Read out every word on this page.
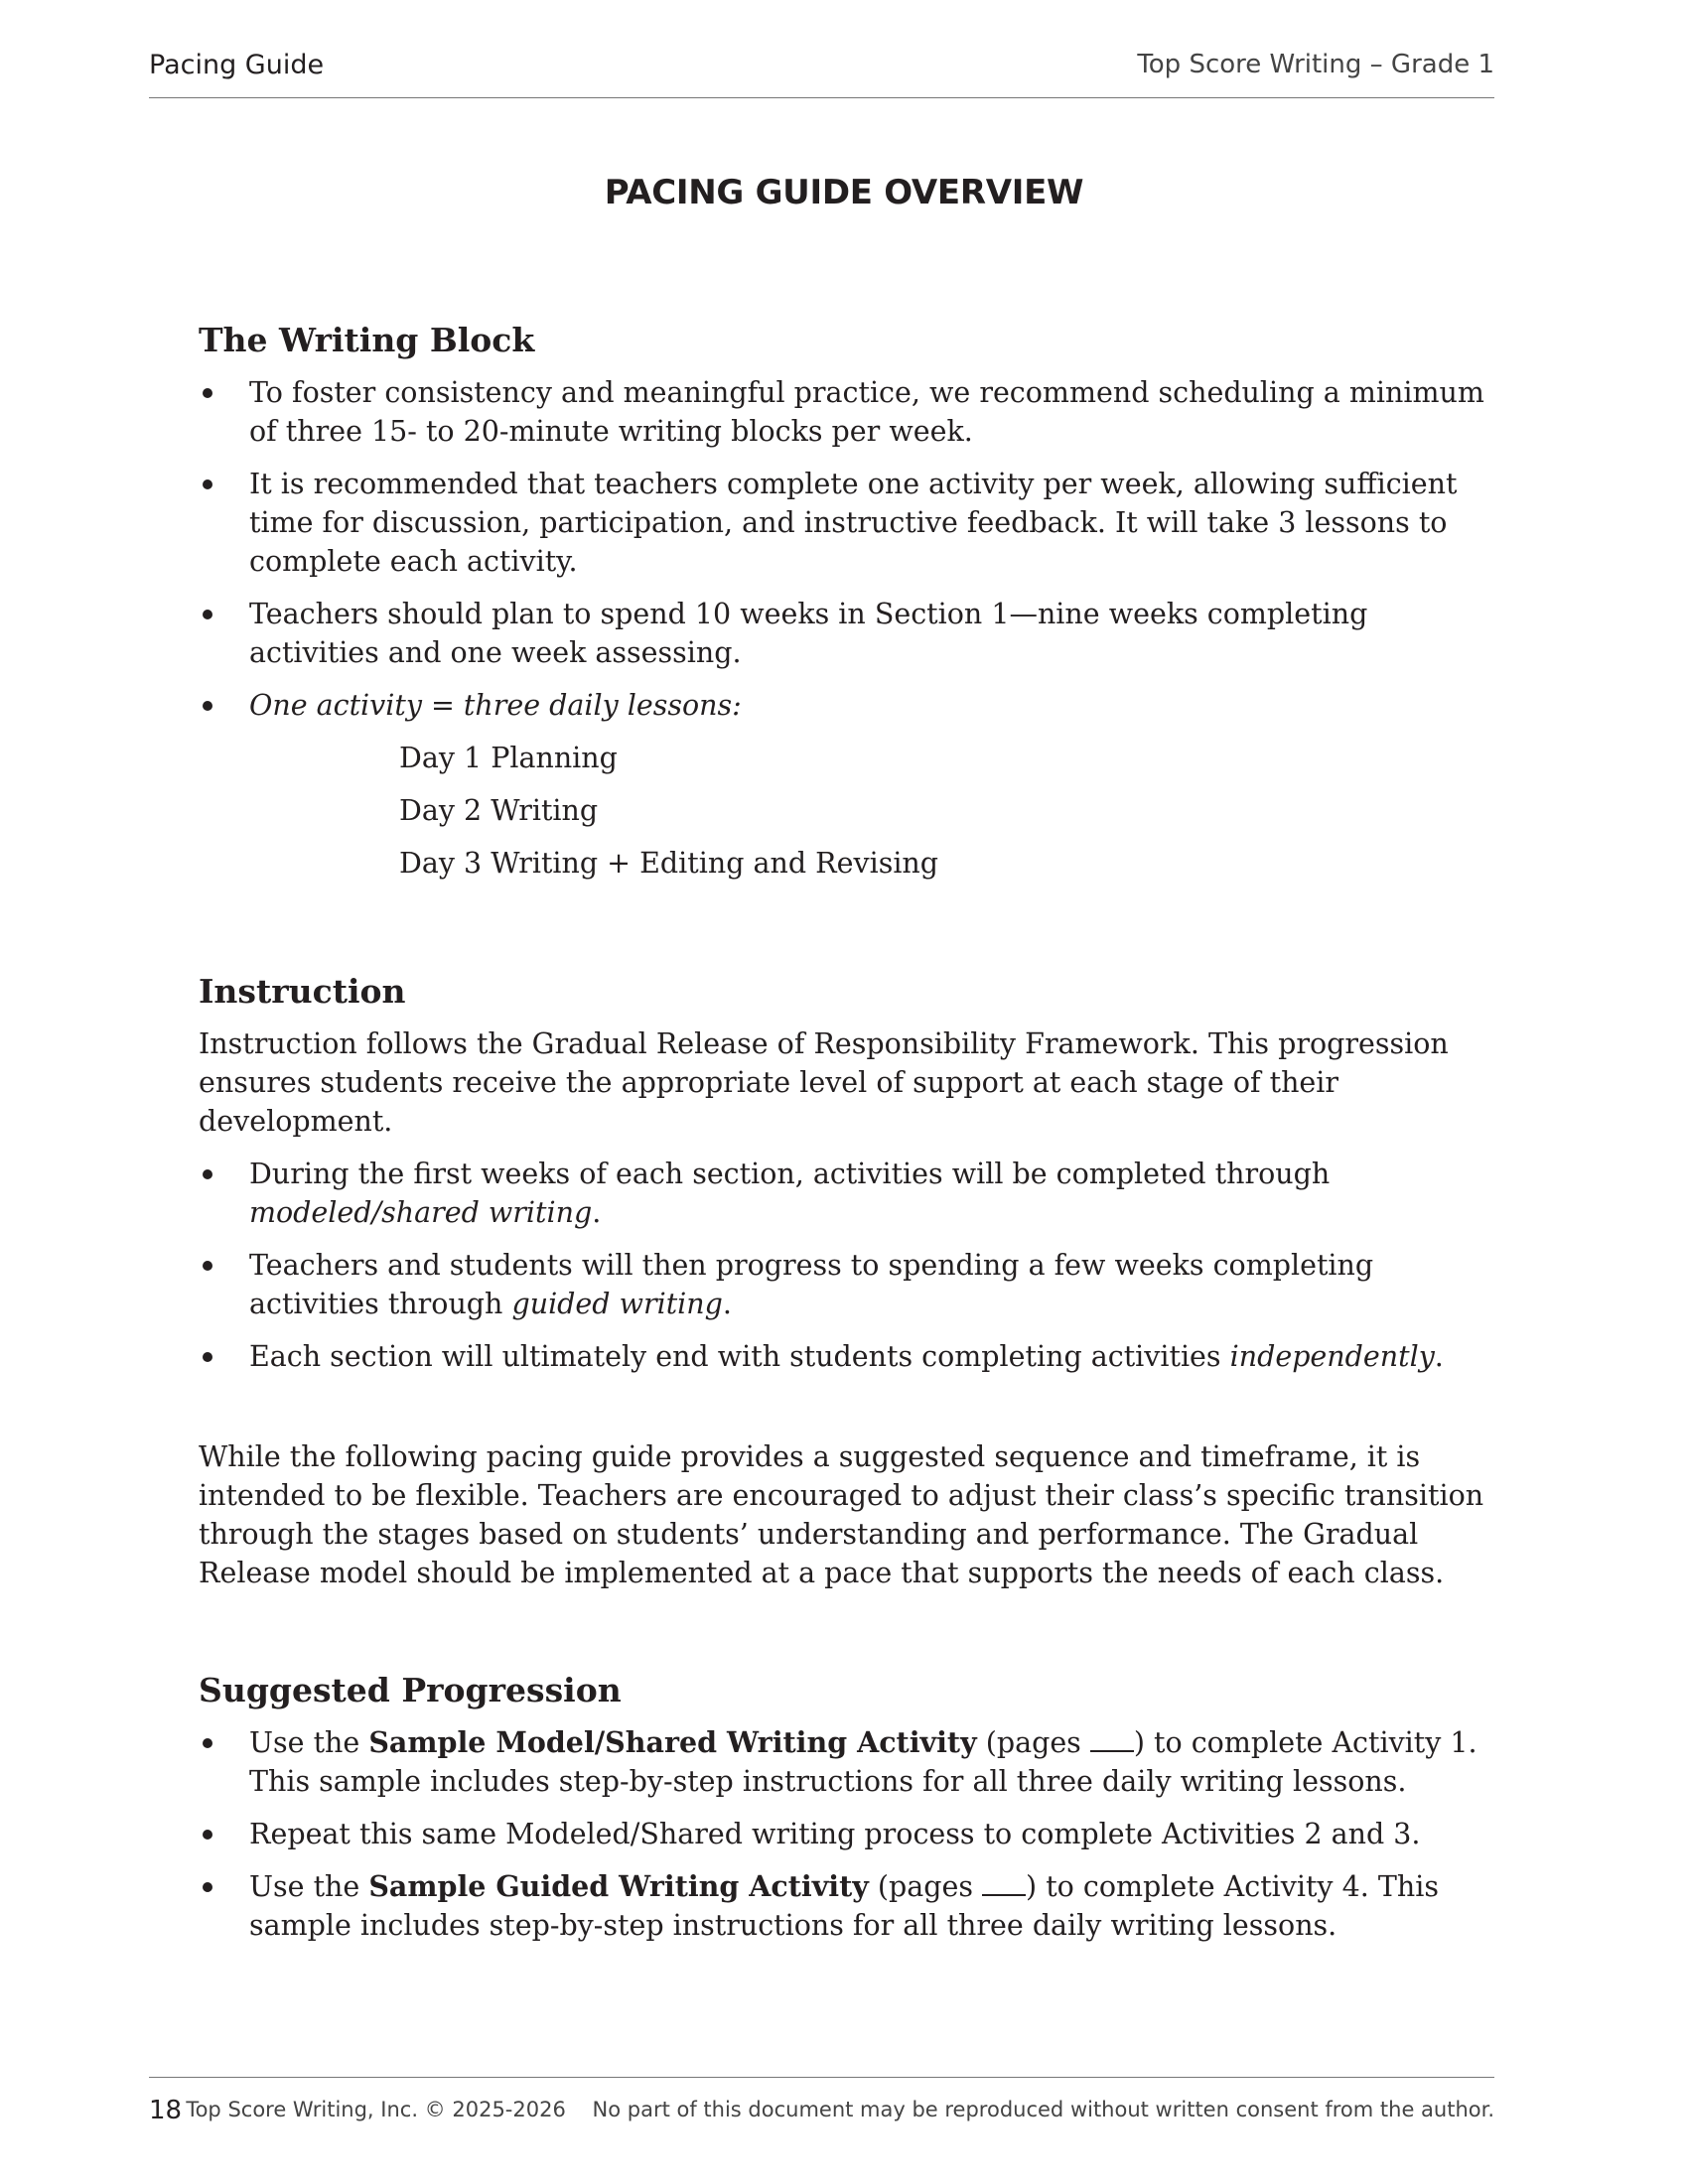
Pacing Guide	Top Score Writing – Grade 1
PACING GUIDE OVERVIEW
The Writing Block
To foster consistency and meaningful practice, we recommend scheduling a minimum of three 15- to 20-minute writing blocks per week.
It is recommended that teachers complete one activity per week, allowing sufficient time for discussion, participation, and instructive feedback. It will take 3 lessons to complete each activity.
Teachers should plan to spend 10 weeks in Section 1—nine weeks completing activities and one week assessing.
One activity = three daily lessons:
Day 1 Planning
Day 2 Writing
Day 3 Writing + Editing and Revising
Instruction

Instruction follows the Gradual Release of Responsibility Framework. This progression ensures students receive the appropriate level of support at each stage of their development.

During the first weeks of each section, activities will be completed through modeled/shared writing.
Teachers and students will then progress to spending a few weeks completing activities through guided writing.
Each section will ultimately end with students completing activities independently.

While the following pacing guide provides a suggested sequence and timeframe, it is intended to be flexible. Teachers are encouraged to adjust their class’s specific transition through the stages based on students’ understanding and performance. The Gradual Release model should be implemented at a pace that supports the needs of each class.

Suggested Progression
Use the Sample Model/Shared Writing Activity (pages ) to complete Activity 1. This sample includes step-by-step instructions for all three daily writing lessons.
Repeat this same Modeled/Shared writing process to complete Activities 2 and 3.
Use the Sample Guided Writing Activity (pages ) to complete Activity 4. This sample includes step-by-step instructions for all three daily writing lessons.
18 Top Score Writing, Inc. © 2025-2026    No part of this document may be reproduced without written consent from the author.
